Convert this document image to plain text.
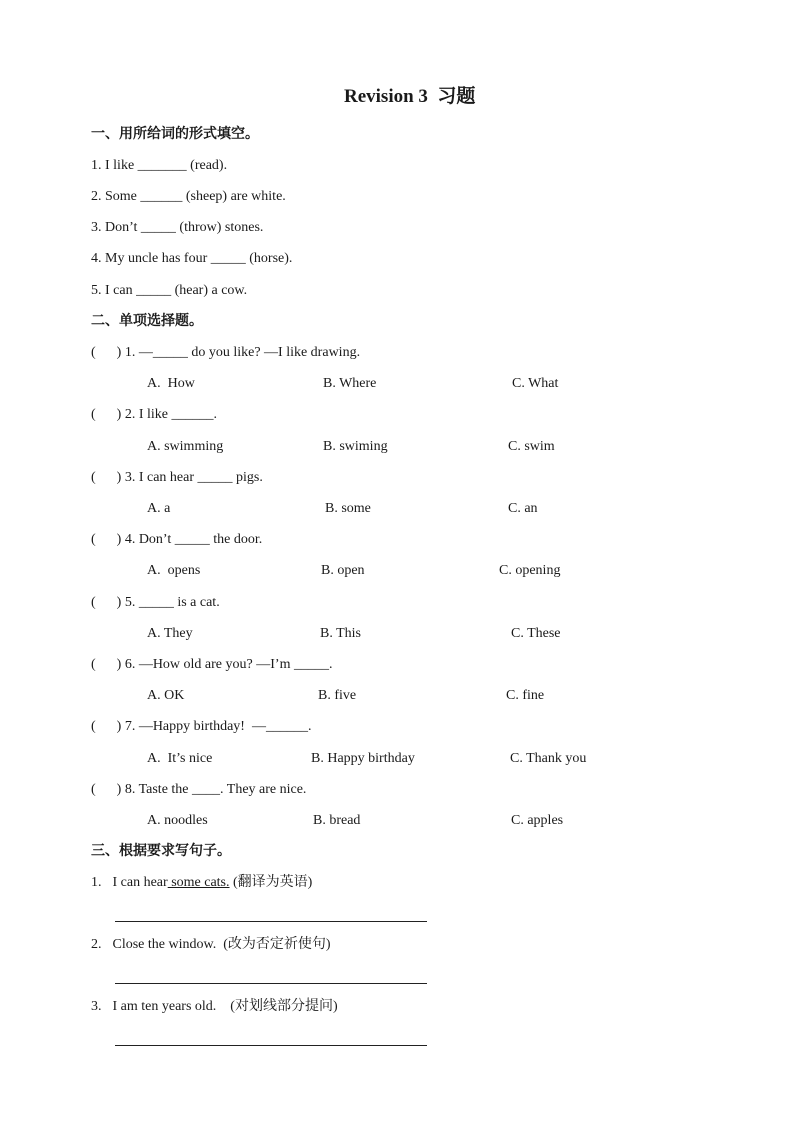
Revision 3  习题
一、用所给词的形式填空。
1. I like _______ (read).
2. Some ______ (sheep) are white.
3. Don’t _____ (throw) stones.
4. My uncle has four _____ (horse).
5. I can _____ (hear) a cow.
二、单项选择题。
(      ) 1. —_____ do you like? —I like drawing.
A.  How	B. Where	C. What
(      ) 2. I like ______.
A. swimming	B. swiming	C. swim
(      ) 3. I can hear _____ pigs.
A. a	B. some	C. an
(      ) 4. Don’t _____ the door.
A.  opens	B. open	C. opening
(      ) 5. _____ is a cat.
A. They	B. This	C. These
(      ) 6. —How old are you? —I’m _____.
A. OK	B. five	C. fine
(      ) 7. —Happy birthday!  —______.
A.  It’s nice	B. Happy birthday	C. Thank you
(      ) 8. Taste the ____. They are nice.
A. noodles	B. bread	C. apples
三、根据要求写句子。
1. I can hear some cats. (翻译为英语)
2. Close the window.  (改为否定祈使句)
3. I am ten years old.    (对划线部分提问)
